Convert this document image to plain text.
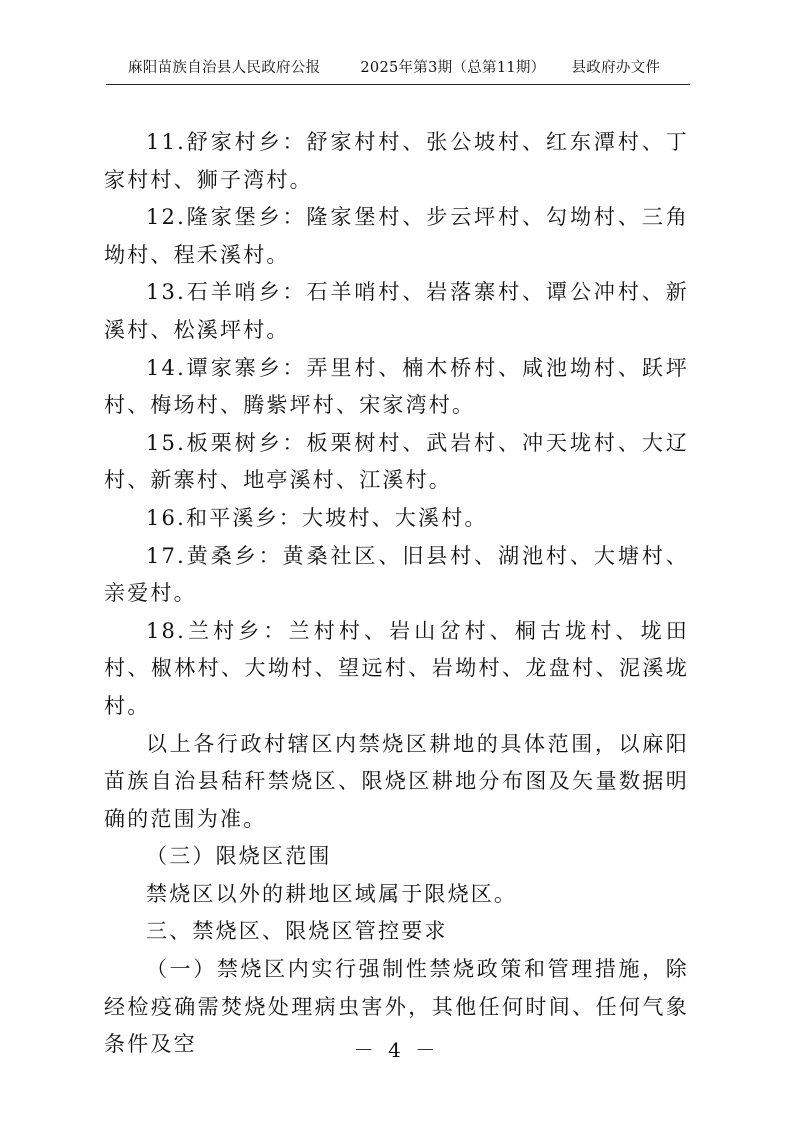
麻阳苗族自治县人民政府公报	2025年第3期（总第11期） 县政府办文件

11.舒家村乡：舒家村村、张公坡村、红东潭村、丁家村村、狮子湾村。

12.隆家堡乡：隆家堡村、步云坪村、勾坳村、三角坳村、程禾溪村。

13.石羊哨乡：石羊哨村、岩落寨村、谭公冲村、新溪村、松溪坪村。

14.谭家寨乡：弄里村、楠木桥村、咸池坳村、跃坪村、梅场村、腾紫坪村、宋家湾村。

15.板栗树乡：板栗树村、武岩村、冲天垅村、大辽村、新寨村、地亭溪村、江溪村。

16.和平溪乡：大坡村、大溪村。

17.黄桑乡：黄桑社区、旧县村、湖池村、大塘村、亲爱村。

18.兰村乡：兰村村、岩山岔村、桐古垅村、垅田村、椒林村、大坳村、望远村、岩坳村、龙盘村、泥溪垅村。

以上各行政村辖区内禁烧区耕地的具体范围，以麻阳苗族自治县秸秆禁烧区、限烧区耕地分布图及矢量数据明确的范围为准。

（三）限烧区范围

禁烧区以外的耕地区域属于限烧区。

三、禁烧区、限烧区管控要求

（一）禁烧区内实行强制性禁烧政策和管理措施，除经检疫确需焚烧处理病虫害外，其他任何时间、任何气象条件及空	－ 4 －
